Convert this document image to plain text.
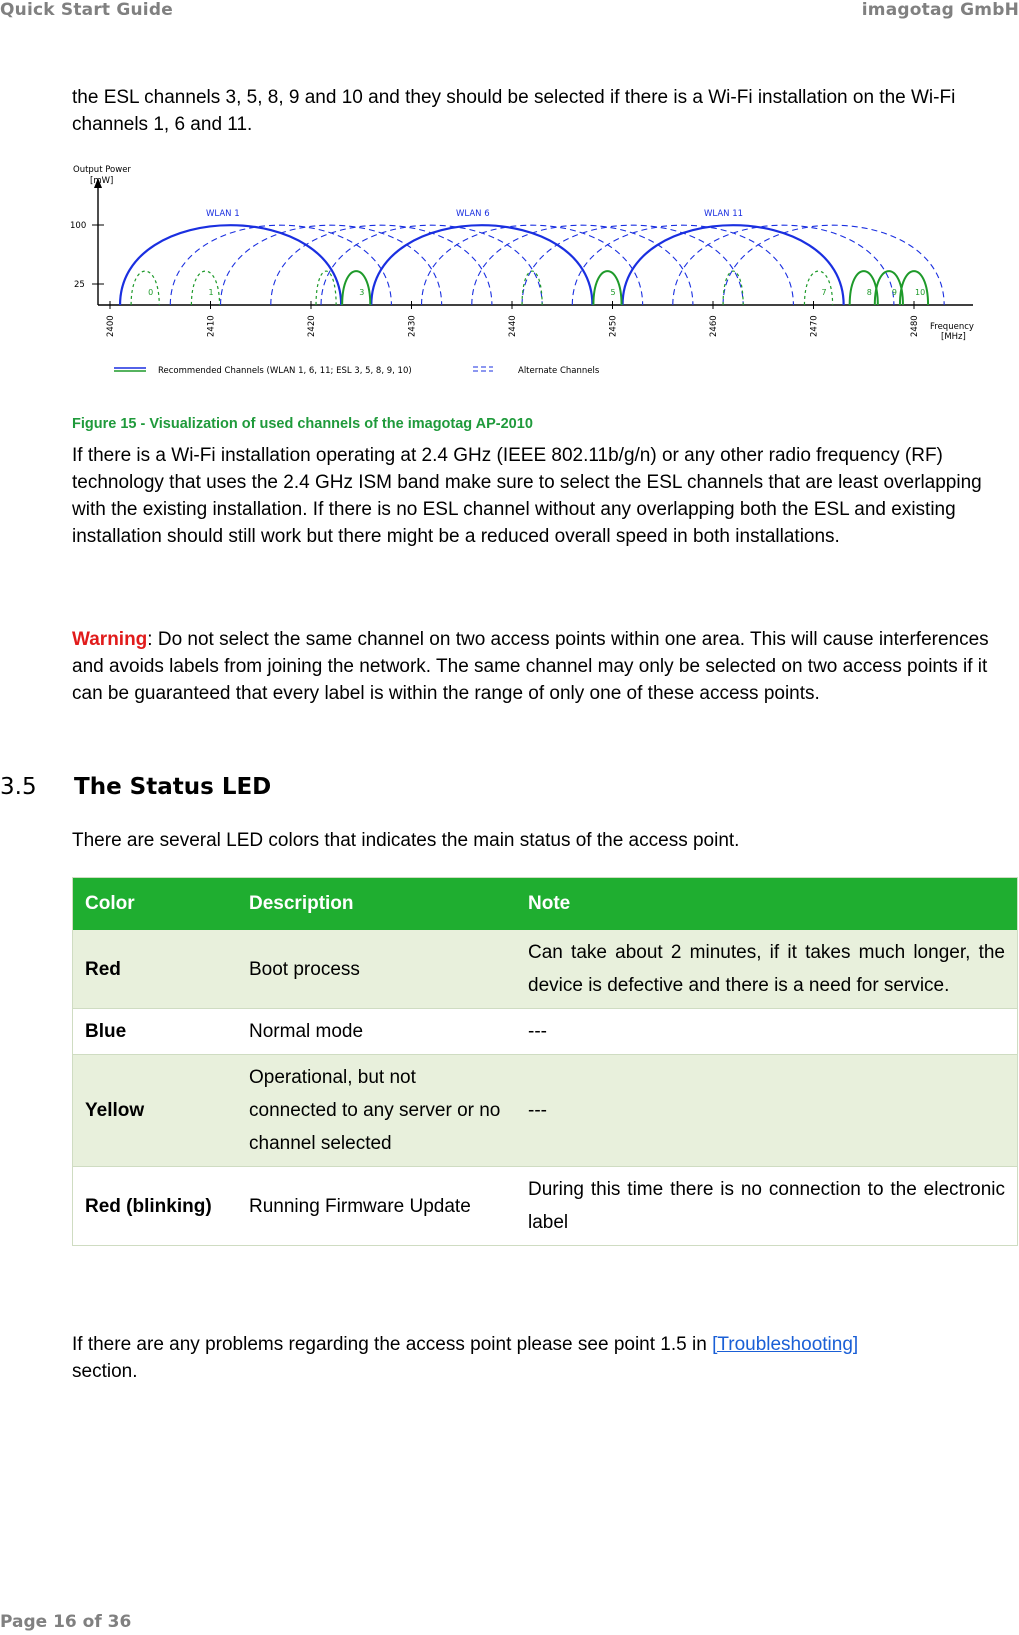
Quick Start Guide	imagotag GmbH
the ESL channels 3, 5, 8, 9 and 10 and they should be selected if there is a Wi-Fi installation on the Wi-Fi channels 1, 6 and 11.
Output Power
[mW]
100
25
Frequency
[MHz]
2400	2410	2420	2430	2440	2450	2460	2470	2480
0	1	3	5	7	8	9 10
WLAN 1	WLAN 6	WLAN 11
Recommended Channels (WLAN 1, 6, 11; ESL 3, 5, 8, 9, 10)	Alternate Channels
Figure 15 - Visualization of used channels of the imagotag AP-2010
If there is a Wi-Fi installation operating at 2.4 GHz (IEEE 802.11b/g/n) or any other radio frequency (RF) technology that uses the 2.4 GHz ISM band make sure to select the ESL channels that are least overlapping with the existing installation. If there is no ESL channel without any overlapping both the ESL and existing installation should still work but there might be a reduced overall speed in both installations.
Warning: Do not select the same channel on two access points within one area. This will cause interferences and avoids labels from joining the network. The same channel may only be selected on two access points if it can be guaranteed that every label is within the range of only one of these access points.
3.5 The Status LED
There are several LED colors that indicates the main status of the access point.
Color	Description	Note
Red	Boot process	Can take about 2 minutes, if it takes much longer, the device is defective and there is a need for service.
Blue	Normal mode	---
Yellow	Operational, but not connected to any server or no channel selected	---
Red (blinking)	Running Firmware Update	During this time there is no connection to the electronic label
If there are any problems regarding the access point please see point 1.5 in [Troubleshooting]
section.
Page 16 of 36
